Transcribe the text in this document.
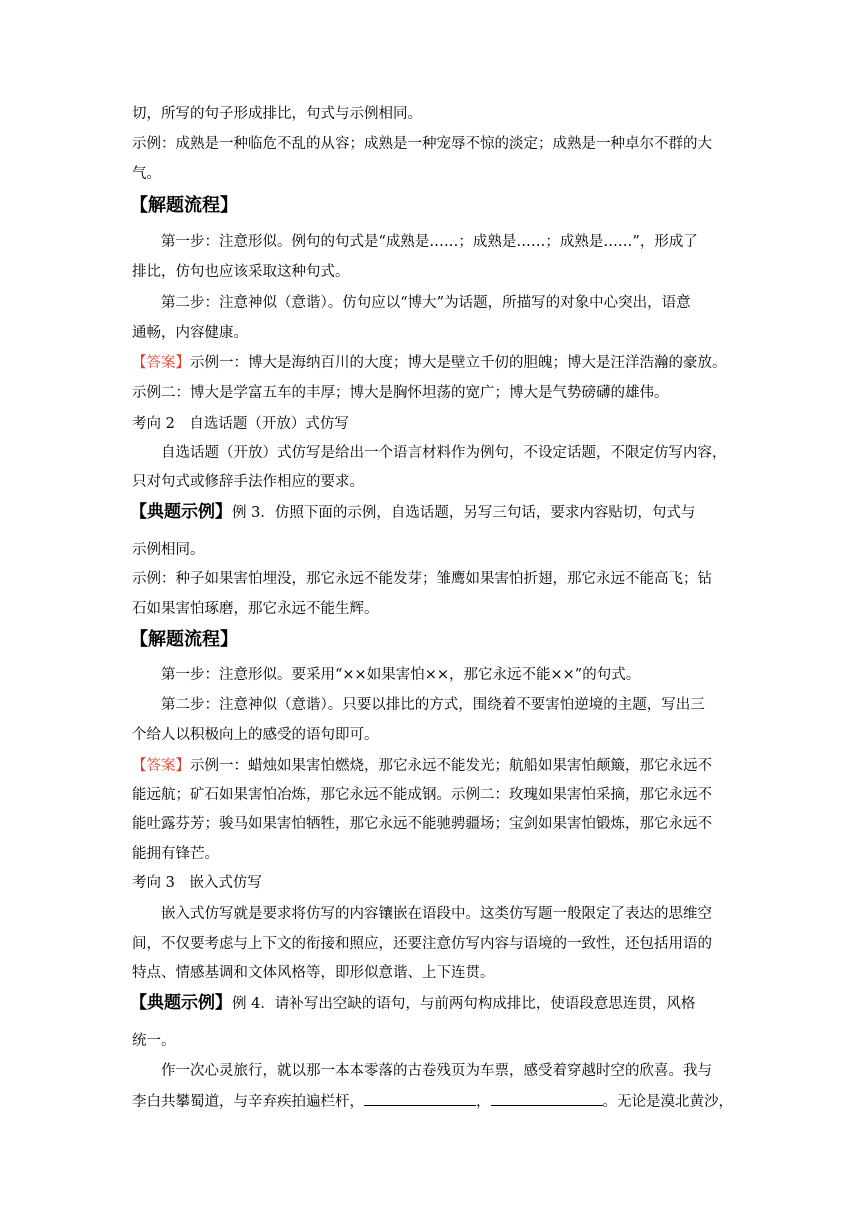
切，所写的句子形成排比，句式与示例相同。
示例：成熟是一种临危不乱的从容；成熟是一种宠辱不惊的淡定；成熟是一种卓尔不群的大
气。
【解题流程】
第一步：注意形似。例句的句式是“成熟是……；成熟是……；成熟是……”，形成了
排比，仿句也应该采取这种句式。
第二步：注意神似（意谐）。仿句应以“博大”为话题，所描写的对象中心突出，语意
通畅，内容健康。
【答案】示例一：博大是海纳百川的大度；博大是壁立千仞的胆魄；博大是汪洋浩瀚的豪放。
示例二：博大是学富五车的丰厚；博大是胸怀坦荡的宽广；博大是气势磅礴的雄伟。
考向 2　自选话题（开放）式仿写
自选话题（开放）式仿写是给出一个语言材料作为例句，不设定话题，不限定仿写内容，
只对句式或修辞手法作相应的要求。
【典题示例】例 3．仿照下面的示例，自选话题，另写三句话，要求内容贴切，句式与
示例相同。
示例：种子如果害怕埋没，那它永远不能发芽；雏鹰如果害怕折翅，那它永远不能高飞；钻
石如果害怕琢磨，那它永远不能生辉。
【解题流程】
第一步：注意形似。要采用“××如果害怕××，那它永远不能××”的句式。
第二步：注意神似（意谐）。只要以排比的方式，围绕着不要害怕逆境的主题，写出三
个给人以积极向上的感受的语句即可。
【答案】示例一：蜡烛如果害怕燃烧，那它永远不能发光；航船如果害怕颠簸，那它永远不
能远航；矿石如果害怕冶炼，那它永远不能成钢。示例二：玫瑰如果害怕采摘，那它永远不
能吐露芬芳；骏马如果害怕牺牲，那它永远不能驰骋疆场；宝剑如果害怕锻炼，那它永远不
能拥有锋芒。
考向 3　嵌入式仿写
嵌入式仿写就是要求将仿写的内容镶嵌在语段中。这类仿写题一般限定了表达的思维空
间，不仅要考虑与上下文的衔接和照应，还要注意仿写内容与语境的一致性，还包括用语的
特点、情感基调和文体风格等，即形似意谐、上下连贯。
【典题示例】例 4．请补写出空缺的语句，与前两句构成排比，使语段意思连贯，风格
统一。
作一次心灵旅行，就以那一本本零落的古卷残页为车票，感受着穿越时空的欣喜。我与
李白共攀蜀道，与辛弃疾拍遍栏杆，	，	。无论是漠北黄沙，
